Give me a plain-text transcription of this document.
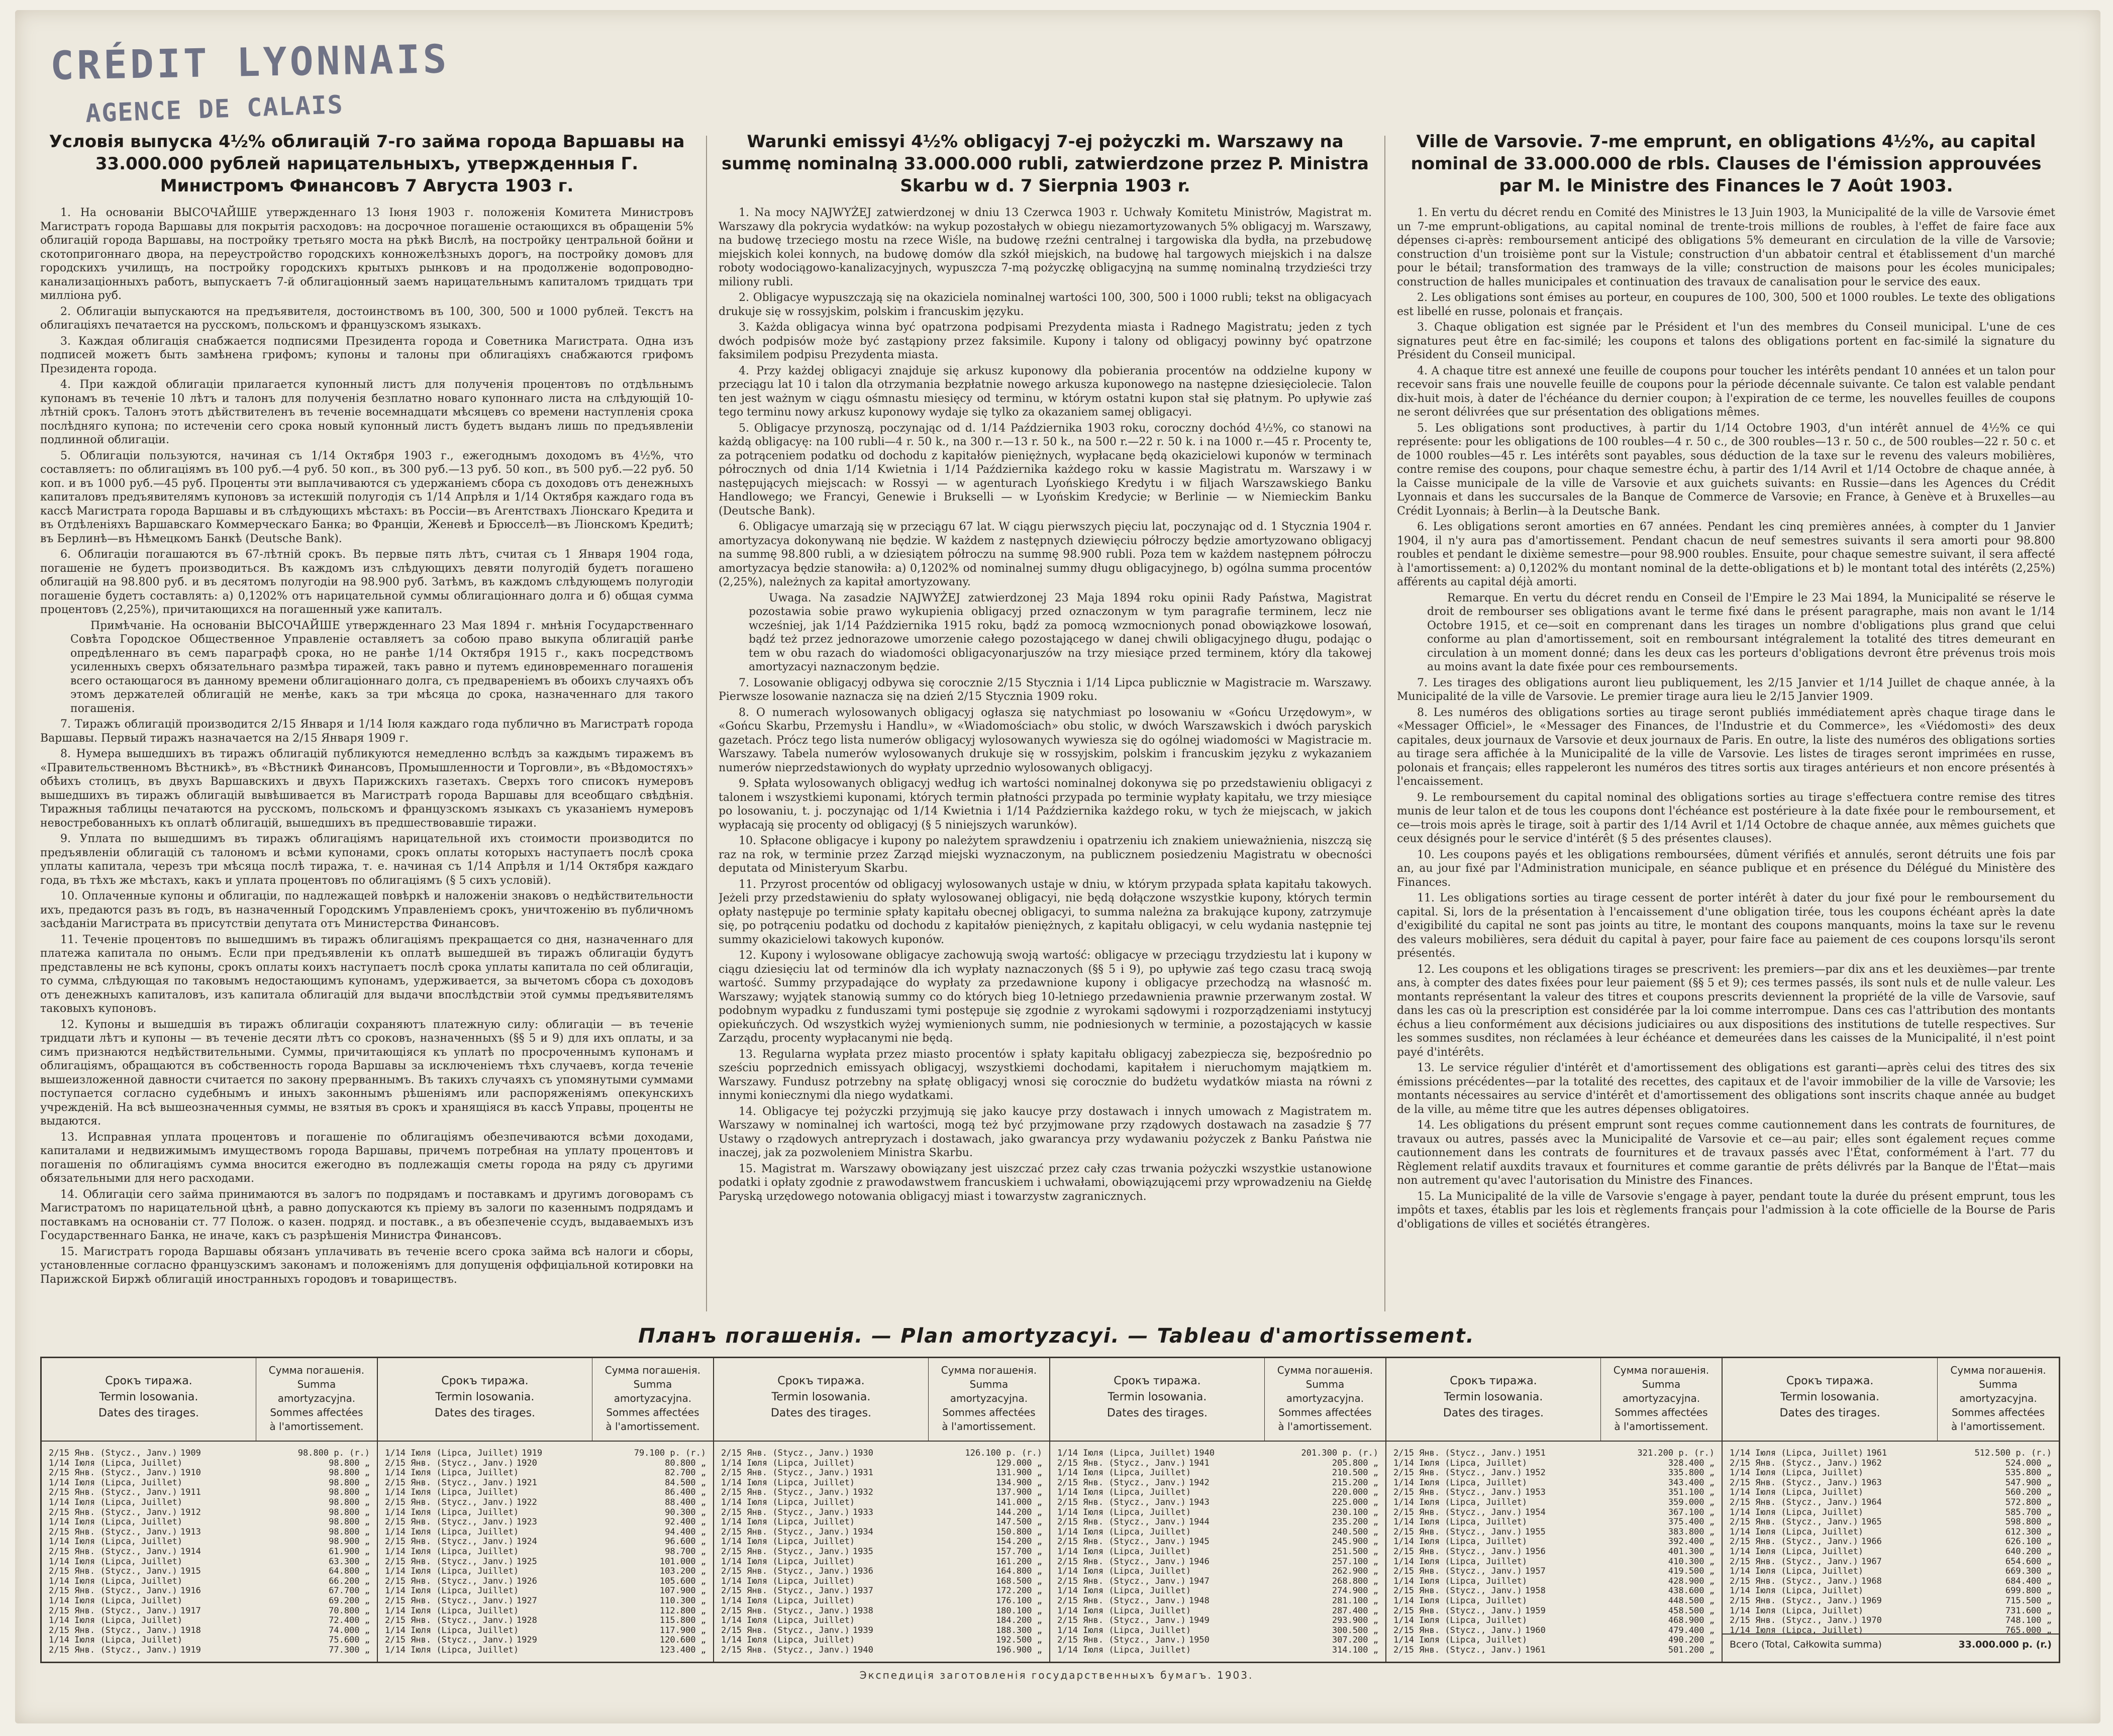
CRÉDIT LYONNAIS
AGENCE DE CALAIS
Условія выпуска 4½% облигацій 7-го займа города Варшавы на 33.000.000 рублей нарицательныхъ, утвержденныя Г. Министромъ Финансовъ 7 Августа 1903 г.

1. На основаніи ВЫСОЧАЙШЕ утвержденнаго 13 Іюня 1903 г. положенія Комитета Министровъ Магистратъ города Варшавы для покрытія расходовъ: на досрочное погашеніе остающихся въ обращеніи 5% облигацій города Варшавы, на постройку третьяго моста на рѣкѣ Вислѣ, на постройку центральной бойни и скотопригоннаго двора, на переустройство городскихъ конножелѣзныхъ дорогъ, на постройку домовъ для городскихъ училищъ, на постройку городскихъ крытыхъ рынковъ и на продолженіе водопроводно-канализаціонныхъ работъ, выпускаетъ 7-й облигаціонный заемъ нарицательнымъ капиталомъ тридцать три милліона руб.

2. Облигаціи выпускаются на предъявителя, достоинствомъ въ 100, 300, 500 и 1000 рублей. Текстъ на облигаціяхъ печатается на русскомъ, польскомъ и французскомъ языкахъ.

3. Каждая облигація снабжается подписями Президента города и Советника Магистрата. Одна изъ подписей можетъ быть замѣнена грифомъ; купоны и талоны при облигаціяхъ снабжаются грифомъ Президента города.

4. При каждой облигаціи прилагается купонный листъ для полученія процентовъ по отдѣльнымъ купонамъ въ теченіе 10 лѣтъ и талонъ для полученія безплатно новаго купоннаго листа на слѣдующій 10-лѣтній срокъ. Талонъ этотъ дѣйствителенъ въ теченіе восемнадцати мѣсяцевъ со времени наступленія срока послѣдняго купона; по истеченіи сего срока новый купонный листъ будетъ выданъ лишь по предъявленіи подлинной облигаціи.

5. Облигаціи пользуются, начиная съ 1/14 Октября 1903 г., ежегоднымъ доходомъ въ 4½%, что составляетъ: по облигаціямъ въ 100 руб.—4 руб. 50 коп., въ 300 руб.—13 руб. 50 коп., въ 500 руб.—22 руб. 50 коп. и въ 1000 руб.—45 руб. Проценты эти выплачиваются съ удержаніемъ сбора съ доходовъ отъ денежныхъ капиталовъ предъявителямъ купоновъ за истекшій полугодія съ 1/14 Апрѣля и 1/14 Октября каждаго года въ кассѣ Магистрата города Варшавы и въ слѣдующихъ мѣстахъ: въ Россіи—въ Агентствахъ Ліонскаго Кредита и въ Отдѣленіяхъ Варшавскаго Коммерческаго Банка; во Франціи, Женевѣ и Брюсселѣ—въ Ліонскомъ Кредитѣ; въ Берлинѣ—въ Нѣмецкомъ Банкѣ (Deutsche Bank).

6. Облигаціи погашаются въ 67-лѣтній срокъ. Въ первые пять лѣтъ, считая съ 1 Января 1904 года, погашеніе не будетъ производиться. Въ каждомъ изъ слѣдующихъ девяти полугодій будетъ погашено облигацій на 98.800 руб. и въ десятомъ полугодіи на 98.900 руб. Затѣмъ, въ каждомъ слѣдующемъ полугодіи погашеніе будетъ составлять: а) 0,1202% отъ нарицательной суммы облигаціоннаго долга и б) общая сумма процентовъ (2,25%), причитающихся на погашенный уже капиталъ.

Примѣчаніе. На основаніи ВЫСОЧАЙШЕ утвержденнаго 23 Мая 1894 г. мнѣнія Государственнаго Совѣта Городское Общественное Управленіе оставляетъ за собою право выкупа облигацій ранѣе опредѣленнаго въ семъ параграфѣ срока, но не ранѣе 1/14 Октября 1915 г., какъ посредствомъ усиленныхъ сверхъ обязательнаго размѣра тиражей, такъ равно и путемъ единовременнаго погашенія всего остающагося въ данному времени облигаціоннаго долга, съ предвареніемъ въ обоихъ случаяхъ объ этомъ держателей облигацій не менѣе, какъ за три мѣсяца до срока, назначеннаго для такого погашенія.

7. Тиражъ облигацій производится 2/15 Января и 1/14 Іюля каждаго года публично въ Магистратѣ города Варшавы. Первый тиражъ назначается на 2/15 Января 1909 г.

8. Нумера вышедшихъ въ тиражъ облигацій публикуются немедленно вслѣдъ за каждымъ тиражемъ въ «Правительственномъ Вѣстникѣ», въ «Вѣстникѣ Финансовъ, Промышленности и Торговли», въ «Вѣдомостяхъ» обѣихъ столицъ, въ двухъ Варшавскихъ и двухъ Парижскихъ газетахъ. Сверхъ того списокъ нумеровъ вышедшихъ въ тиражъ облигацій вывѣшивается въ Магистратѣ города Варшавы для всеобщаго свѣдѣнія. Тиражныя таблицы печатаются на русскомъ, польскомъ и французскомъ языкахъ съ указаніемъ нумеровъ невостребованныхъ къ оплатѣ облигацій, вышедшихъ въ предшествовавшіе тиражи.

9. Уплата по вышедшимъ въ тиражъ облигаціямъ нарицательной ихъ стоимости производится по предъявленіи облигацій съ талономъ и всѣми купонами, срокъ оплаты которыхъ наступаетъ послѣ срока уплаты капитала, черезъ три мѣсяца послѣ тиража, т. е. начиная съ 1/14 Апрѣля и 1/14 Октября каждаго года, въ тѣхъ же мѣстахъ, какъ и уплата процентовъ по облигаціямъ (§ 5 сихъ условій).

10. Оплаченные купоны и облигаціи, по надлежащей повѣркѣ и наложеніи знаковъ о недѣйствительности ихъ, предаются разъ въ годъ, въ назначенный Городскимъ Управленіемъ срокъ, уничтоженію въ публичномъ засѣданіи Магистрата въ присутствіи депутата отъ Министерства Финансовъ.

11. Теченіе процентовъ по вышедшимъ въ тиражъ облигаціямъ прекращается со дня, назначеннаго для платежа капитала по онымъ. Если при предъявленіи къ оплатѣ вышедшей въ тиражъ облигаціи будутъ представлены не всѣ купоны, срокъ оплаты коихъ наступаетъ послѣ срока уплаты капитала по сей облигаціи, то сумма, слѣдующая по таковымъ недостающимъ купонамъ, удерживается, за вычетомъ сбора съ доходовъ отъ денежныхъ капиталовъ, изъ капитала облигацій для выдачи впослѣдствіи этой суммы предъявителямъ таковыхъ купоновъ.

12. Купоны и вышедшія въ тиражъ облигаціи сохраняютъ платежную силу: облигаціи — въ теченіе тридцати лѣтъ и купоны — въ теченіе десяти лѣтъ со сроковъ, назначенныхъ (§§ 5 и 9) для ихъ оплаты, и за симъ признаются недѣйствительными. Суммы, причитающіяся къ уплатѣ по просроченнымъ купонамъ и облигаціямъ, обращаются въ собственность города Варшавы за исключеніемъ тѣхъ случаевъ, когда теченіе вышеизложенной давности считается по закону прерваннымъ. Въ такихъ случаяхъ съ упомянутыми суммами поступается согласно судебнымъ и иныхъ законнымъ рѣшеніямъ или распоряженіямъ опекунскихъ учрежденій. На всѣ вышеозначенныя суммы, не взятыя въ срокъ и хранящіяся въ кассѣ Управы, проценты не выдаются.

13. Исправная уплата процентовъ и погашеніе по облигаціямъ обезпечиваются всѣми доходами, капиталами и недвижимымъ имуществомъ города Варшавы, причемъ потребная на уплату процентовъ и погашенія по облигаціямъ сумма вносится ежегодно въ подлежащія сметы города на ряду съ другими обязательными для него расходами.

14. Облигаціи сего займа принимаются въ залогъ по подрядамъ и поставкамъ и другимъ договорамъ съ Магистратомъ по нарицательной цѣнѣ, а равно допускаются къ пріему въ залоги по казеннымъ подрядамъ и поставкамъ на основаніи ст. 77 Полож. о казен. подряд. и поставк., а въ обезпеченіе ссудъ, выдаваемыхъ изъ Государственнаго Банка, не иначе, какъ съ разрѣшенія Министра Финансовъ.

15. Магистратъ города Варшавы обязанъ уплачивать въ теченіе всего срока займа всѣ налоги и сборы, установленные согласно французскимъ законамъ и положеніямъ для допущенія оффиціальной котировки на Парижской Биржѣ облигацій иностранныхъ городовъ и товариществъ.

Warunki emissyi 4½% obligacyj 7-ej pożyczki m. Warszawy na summę nominalną 33.000.000 rubli, zatwierdzone przez P. Ministra Skarbu w d. 7 Sierpnia 1903 r.

1. Na mocy NAJWYŻEJ zatwierdzonej w dniu 13 Czerwca 1903 r. Uchwały Komitetu Ministrów, Magistrat m. Warszawy dla pokrycia wydatków: na wykup pozostałych w obiegu niezamortyzowanych 5% obligacyj m. Warszawy, na budowę trzeciego mostu na rzece Wiśle, na budowę rzeźni centralnej i targowiska dla bydła, na przebudowę miejskich kolei konnych, na budowę domów dla szkół miejskich, na budowę hal targowych miejskich i na dalsze roboty wodociągowo-kanalizacyjnych, wypuszcza 7-mą pożyczkę obligacyjną na summę nominalną trzydzieści trzy miliony rubli.

2. Obligacye wypuszczają się na okaziciela nominalnej wartości 100, 300, 500 i 1000 rubli; tekst na obligacyach drukuje się w rossyjskim, polskim i francuskim języku.

3. Każda obligacya winna być opatrzona podpisami Prezydenta miasta i Radnego Magistratu; jeden z tych dwóch podpisów może być zastąpiony przez faksimile. Kupony i talony od obligacyj powinny być opatrzone faksimilem podpisu Prezydenta miasta.

4. Przy każdej obligacyi znajduje się arkusz kuponowy dla pobierania procentów na oddzielne kupony w przeciągu lat 10 i talon dla otrzymania bezpłatnie nowego arkusza kuponowego na następne dziesięciolecie. Talon ten jest ważnym w ciągu ośmnastu miesięcy od terminu, w którym ostatni kupon stał się płatnym. Po upływie zaś tego terminu nowy arkusz kuponowy wydaje się tylko za okazaniem samej obligacyi.

5. Obligacye przynoszą, poczynając od d. 1/14 Października 1903 roku, coroczny dochód 4½%, co stanowi na każdą obligacyę: na 100 rubli—4 r. 50 k., na 300 r.—13 r. 50 k., na 500 r.—22 r. 50 k. i na 1000 r.—45 r. Procenty te, za potrąceniem podatku od dochodu z kapitałów pieniężnych, wypłacane będą okazicielowi kuponów w terminach półrocznych od dnia 1/14 Kwietnia i 1/14 Października każdego roku w kassie Magistratu m. Warszawy i w następujących miejscach: w Rossyi — w agenturach Lyońskiego Kredytu i w filjach Warszawskiego Banku Handlowego; we Francyi, Genewie i Brukselli — w Lyońskim Kredycie; w Berlinie — w Niemieckim Banku (Deutsche Bank).

6. Obligacye umarzają się w przeciągu 67 lat. W ciągu pierwszych pięciu lat, poczynając od d. 1 Stycznia 1904 r. amortyzacya dokonywaną nie będzie. W każdem z następnych dziewięciu półroczy będzie amortyzowano obligacyj na summę 98.800 rubli, a w dziesiątem półroczu na summę 98.900 rubli. Poza tem w każdem następnem półroczu amortyzacya będzie stanowiła: a) 0,1202% od nominalnej summy długu obligacyjnego, b) ogólna summa procentów (2,25%), należnych za kapitał amortyzowany.

Uwaga. Na zasadzie NAJWYŻEJ zatwierdzonej 23 Maja 1894 roku opinii Rady Państwa, Magistrat pozostawia sobie prawo wykupienia obligacyj przed oznaczonym w tym paragrafie terminem, lecz nie wcześniej, jak 1/14 Października 1915 roku, bądź za pomocą wzmocnionych ponad obowiązkowe losowań, bądź też przez jednorazowe umorzenie całego pozostającego w danej chwili obligacyjnego długu, podając o tem w obu razach do wiadomości obligacyonarjuszów na trzy miesiące przed terminem, który dla takowej amortyzacyi naznaczonym będzie.

7. Losowanie obligacyj odbywa się corocznie 2/15 Stycznia i 1/14 Lipca publicznie w Magistracie m. Warszawy. Pierwsze losowanie naznacza się na dzień 2/15 Stycznia 1909 roku.

8. O numerach wylosowanych obligacyj ogłasza się natychmiast po losowaniu w «Gońcu Urzędowym», w «Gońcu Skarbu, Przemysłu i Handlu», w «Wiadomościach» obu stolic, w dwóch Warszawskich i dwóch paryskich gazetach. Prócz tego lista numerów obligacyj wylosowanych wywiesza się do ogólnej wiadomości w Magistracie m. Warszawy. Tabela numerów wylosowanych drukuje się w rossyjskim, polskim i francuskim języku z wykazaniem numerów nieprzedstawionych do wypłaty uprzednio wylosowanych obligacyj.

9. Spłata wylosowanych obligacyj według ich wartości nominalnej dokonywa się po przedstawieniu obligacyi z talonem i wszystkiemi kuponami, których termin płatności przypada po terminie wypłaty kapitału, we trzy miesiące po losowaniu, t. j. poczynając od 1/14 Kwietnia i 1/14 Października każdego roku, w tych że miejscach, w jakich wypłacają się procenty od obligacyj (§ 5 niniejszych warunków).

10. Spłacone obligacye i kupony po należytem sprawdzeniu i opatrzeniu ich znakiem unieważnienia, niszczą się raz na rok, w terminie przez Zarząd miejski wyznaczonym, na publicznem posiedzeniu Magistratu w obecności deputata od Ministeryum Skarbu.

11. Przyrost procentów od obligacyj wylosowanych ustaje w dniu, w którym przypada spłata kapitału takowych. Jeżeli przy przedstawieniu do spłaty wylosowanej obligacyi, nie będą dołączone wszystkie kupony, których termin opłaty następuje po terminie spłaty kapitału obecnej obligacyi, to summa należna za brakujące kupony, zatrzymuje się, po potrąceniu podatku od dochodu z kapitałów pieniężnych, z kapitału obligacyi, w celu wydania następnie tej summy okazicielowi takowych kuponów.

12. Kupony i wylosowane obligacye zachowują swoją wartość: obligacye w przeciągu trzydziestu lat i kupony w ciągu dziesięciu lat od terminów dla ich wypłaty naznaczonych (§§ 5 i 9), po upływie zaś tego czasu tracą swoją wartość. Summy przypadające do wypłaty za przedawnione kupony i obligacye przechodzą na własność m. Warszawy; wyjątek stanowią summy co do których bieg 10-letniego przedawnienia prawnie przerwanym został. W podobnym wypadku z funduszami tymi postępuje się zgodnie z wyrokami sądowymi i rozporządzeniami instytucyj opiekuńczych. Od wszystkich wyżej wymienionych summ, nie podniesionych w terminie, a pozostających w kassie Zarządu, procenty wypłacanymi nie będą.

13. Regularna wypłata przez miasto procentów i spłaty kapitału obligacyj zabezpiecza się, bezpośrednio po sześciu poprzednich emissyach obligacyj, wszystkiemi dochodami, kapitałem i nieruchomym majątkiem m. Warszawy. Fundusz potrzebny na spłatę obligacyj wnosi się corocznie do budżetu wydatków miasta na równi z innymi koniecznymi dla niego wydatkami.

14. Obligacye tej pożyczki przyjmują się jako kaucye przy dostawach i innych umowach z Magistratem m. Warszawy w nominalnej ich wartości, mogą też być przyjmowane przy rządowych dostawach na zasadzie § 77 Ustawy o rządowych antrepryzach i dostawach, jako gwarancya przy wydawaniu pożyczek z Banku Państwa nie inaczej, jak za pozwoleniem Ministra Skarbu.

15. Magistrat m. Warszawy obowiązany jest uiszczać przez cały czas trwania pożyczki wszystkie ustanowione podatki i opłaty zgodnie z prawodawstwem francuskiem i uchwałami, obowiązującemi przy wprowadzeniu na Giełdę Paryską urzędowego notowania obligacyj miast i towarzystw zagranicznych.

Ville de Varsovie. 7-me emprunt, en obligations 4½%, au capital nominal de 33.000.000 de rbls. Clauses de l'émission approuvées par M. le Ministre des Finances le 7 Août 1903.

1. En vertu du décret rendu en Comité des Ministres le 13 Juin 1903, la Municipalité de la ville de Varsovie émet un 7-me emprunt-obligations, au capital nominal de trente-trois millions de roubles, à l'effet de faire face aux dépenses ci-après: remboursement anticipé des obligations 5% demeurant en circulation de la ville de Varsovie; construction d'un troisième pont sur la Vistule; construction d'un abbatoir central et établissement d'un marché pour le bétail; transformation des tramways de la ville; construction de maisons pour les écoles municipales; construction de halles municipales et continuation des travaux de canalisation pour le service des eaux.

2. Les obligations sont émises au porteur, en coupures de 100, 300, 500 et 1000 roubles. Le texte des obligations est libellé en russe, polonais et français.

3. Chaque obligation est signée par le Président et l'un des membres du Conseil municipal. L'une de ces signatures peut être en fac-similé; les coupons et talons des obligations portent en fac-similé la signature du Président du Conseil municipal.

4. A chaque titre est annexé une feuille de coupons pour toucher les intérêts pendant 10 années et un talon pour recevoir sans frais une nouvelle feuille de coupons pour la période décennale suivante. Ce talon est valable pendant dix-huit mois, à dater de l'échéance du dernier coupon; à l'expiration de ce terme, les nouvelles feuilles de coupons ne seront délivrées que sur présentation des obligations mêmes.

5. Les obligations sont productives, à partir du 1/14 Octobre 1903, d'un intérêt annuel de 4½% ce qui représente: pour les obligations de 100 roubles—4 r. 50 c., de 300 roubles—13 r. 50 c., de 500 roubles—22 r. 50 c. et de 1000 roubles—45 r. Les intérêts sont payables, sous déduction de la taxe sur le revenu des valeurs mobilières, contre remise des coupons, pour chaque semestre échu, à partir des 1/14 Avril et 1/14 Octobre de chaque année, à la Caisse municipale de la ville de Varsovie et aux guichets suivants: en Russie—dans les Agences du Crédit Lyonnais et dans les succursales de la Banque de Commerce de Varsovie; en France, à Genève et à Bruxelles—au Crédit Lyonnais; à Berlin—à la Deutsche Bank.

6. Les obligations seront amorties en 67 années. Pendant les cinq premières années, à compter du 1 Janvier 1904, il n'y aura pas d'amortissement. Pendant chacun de neuf semestres suivants il sera amorti pour 98.800 roubles et pendant le dixième semestre—pour 98.900 roubles. Ensuite, pour chaque semestre suivant, il sera affecté à l'amortissement: a) 0,1202% du montant nominal de la dette-obligations et b) le montant total des intérêts (2,25%) afférents au capital déjà amorti.

Remarque. En vertu du décret rendu en Conseil de l'Empire le 23 Mai 1894, la Municipalité se réserve le droit de rembourser ses obligations avant le terme fixé dans le présent paragraphe, mais non avant le 1/14 Octobre 1915, et ce—soit en comprenant dans les tirages un nombre d'obligations plus grand que celui conforme au plan d'amortissement, soit en remboursant intégralement la totalité des titres demeurant en circulation à un moment donné; dans les deux cas les porteurs d'obligations devront être prévenus trois mois au moins avant la date fixée pour ces remboursements.

7. Les tirages des obligations auront lieu publiquement, les 2/15 Janvier et 1/14 Juillet de chaque année, à la Municipalité de la ville de Varsovie. Le premier tirage aura lieu le 2/15 Janvier 1909.

8. Les numéros des obligations sorties au tirage seront publiés immédiatement après chaque tirage dans le «Messager Officiel», le «Messager des Finances, de l'Industrie et du Commerce», les «Viédomosti» des deux capitales, deux journaux de Varsovie et deux journaux de Paris. En outre, la liste des numéros des obligations sorties au tirage sera affichée à la Municipalité de la ville de Varsovie. Les listes de tirages seront imprimées en russe, polonais et français; elles rappeleront les numéros des titres sortis aux tirages antérieurs et non encore présentés à l'encaissement.

9. Le remboursement du capital nominal des obligations sorties au tirage s'effectuera contre remise des titres munis de leur talon et de tous les coupons dont l'échéance est postérieure à la date fixée pour le remboursement, et ce—trois mois après le tirage, soit à partir des 1/14 Avril et 1/14 Octobre de chaque année, aux mêmes guichets que ceux désignés pour le service d'intérêt (§ 5 des présentes clauses).

10. Les coupons payés et les obligations remboursées, dûment vérifiés et annulés, seront détruits une fois par an, au jour fixé par l'Administration municipale, en séance publique et en présence du Délégué du Ministère des Finances.

11. Les obligations sorties au tirage cessent de porter intérêt à dater du jour fixé pour le remboursement du capital. Si, lors de la présentation à l'encaissement d'une obligation tirée, tous les coupons échéant après la date d'exigibilité du capital ne sont pas joints au titre, le montant des coupons manquants, moins la taxe sur le revenu des valeurs mobilières, sera déduit du capital à payer, pour faire face au paiement de ces coupons lorsqu'ils seront présentés.

12. Les coupons et les obligations tirages se prescrivent: les premiers—par dix ans et les deuxièmes—par trente ans, à compter des dates fixées pour leur paiement (§§ 5 et 9); ces termes passés, ils sont nuls et de nulle valeur. Les montants représentant la valeur des titres et coupons prescrits deviennent la propriété de la ville de Varsovie, sauf dans les cas où la prescription est considérée par la loi comme interrompue. Dans ces cas l'attribution des montants échus a lieu conformément aux décisions judiciaires ou aux dispositions des institutions de tutelle respectives. Sur les sommes susdites, non réclamées à leur échéance et demeurées dans les caisses de la Municipalité, il n'est point payé d'intérêts.

13. Le service régulier d'intérêt et d'amortissement des obligations est garanti—après celui des titres des six émissions précédentes—par la totalité des recettes, des capitaux et de l'avoir immobilier de la ville de Varsovie; les montants nécessaires au service d'intérêt et d'amortissement des obligations sont inscrits chaque année au budget de la ville, au même titre que les autres dépenses obligatoires.

14. Les obligations du présent emprunt sont reçues comme cautionnement dans les contrats de fournitures, de travaux ou autres, passés avec la Municipalité de Varsovie et ce—au pair; elles sont également reçues comme cautionnement dans les contrats de fournitures et de travaux passés avec l'État, conformément à l'art. 77 du Règlement relatif auxdits travaux et fournitures et comme garantie de prêts délivrés par la Banque de l'État—mais non autrement qu'avec l'autorisation du Ministre des Finances.

15. La Municipalité de la ville de Varsovie s'engage à payer, pendant toute la durée du présent emprunt, tous les impôts et taxes, établis par les lois et règlements français pour l'admission à la cote officielle de la Bourse de Paris d'obligations de villes et sociétés étrangères.

Планъ погашенія. — Plan amortyzacyi. — Tableau d'amortissement.
Срокъ тиража.
Termin losowania.
Dates des tirages.
Сумма погашенія.
Summa
amortyzacyjna.
Sommes affectées
à l'amortissement.
2/15 Янв. (Stycz., Janv.) 1909	98.800 р. (r.)
1/14 Іюля (Lipca, Juillet)	98.800 „
2/15 Янв. (Stycz., Janv.) 1910	98.800 „
1/14 Іюля (Lipca, Juillet)	98.800 „
2/15 Янв. (Stycz., Janv.) 1911	98.800 „
1/14 Іюля (Lipca, Juillet)	98.800 „
2/15 Янв. (Stycz., Janv.) 1912	98.800 „
1/14 Іюля (Lipca, Juillet)	98.800 „
2/15 Янв. (Stycz., Janv.) 1913	98.800 „
1/14 Іюля (Lipca, Juillet)	98.900 „
2/15 Янв. (Stycz., Janv.) 1914	61.900 „
1/14 Іюля (Lipca, Juillet)	63.300 „
2/15 Янв. (Stycz., Janv.) 1915	64.800 „
1/14 Іюля (Lipca, Juillet)	66.200 „
2/15 Янв. (Stycz., Janv.) 1916	67.700 „
1/14 Іюля (Lipca, Juillet)	69.200 „
2/15 Янв. (Stycz., Janv.) 1917	70.800 „
1/14 Іюля (Lipca, Juillet)	72.400 „
2/15 Янв. (Stycz., Janv.) 1918	74.000 „
1/14 Іюля (Lipca, Juillet)	75.600 „
2/15 Янв. (Stycz., Janv.) 1919	77.300 „
Срокъ тиража.
Termin losowania.
Dates des tirages.
Сумма погашенія.
Summa
amortyzacyjna.
Sommes affectées
à l'amortissement.
1/14 Іюля (Lipca, Juillet) 1919	79.100 р. (r.)
2/15 Янв. (Stycz., Janv.) 1920	80.800 „
1/14 Іюля (Lipca, Juillet)	82.700 „
2/15 Янв. (Stycz., Janv.) 1921	84.500 „
1/14 Іюля (Lipca, Juillet)	86.400 „
2/15 Янв. (Stycz., Janv.) 1922	88.400 „
1/14 Іюля (Lipca, Juillet)	90.300 „
2/15 Янв. (Stycz., Janv.) 1923	92.400 „
1/14 Іюля (Lipca, Juillet)	94.400 „
2/15 Янв. (Stycz., Janv.) 1924	96.600 „
1/14 Іюля (Lipca, Juillet)	98.700 „
2/15 Янв. (Stycz., Janv.) 1925	101.000 „
1/14 Іюля (Lipca, Juillet)	103.200 „
2/15 Янв. (Stycz., Janv.) 1926	105.600 „
1/14 Іюля (Lipca, Juillet)	107.900 „
2/15 Янв. (Stycz., Janv.) 1927	110.300 „
1/14 Іюля (Lipca, Juillet)	112.800 „
2/15 Янв. (Stycz., Janv.) 1928	115.800 „
1/14 Іюля (Lipca, Juillet)	117.900 „
2/15 Янв. (Stycz., Janv.) 1929	120.600 „
1/14 Іюля (Lipca, Juillet)	123.400 „
Срокъ тиража.
Termin losowania.
Dates des tirages.
Сумма погашенія.
Summa
amortyzacyjna.
Sommes affectées
à l'amortissement.
2/15 Янв. (Stycz., Janv.) 1930	126.100 р. (r.)
1/14 Іюля (Lipca, Juillet)	129.000 „
2/15 Янв. (Stycz., Janv.) 1931	131.900 „
1/14 Іюля (Lipca, Juillet)	134.900 „
2/15 Янв. (Stycz., Janv.) 1932	137.900 „
1/14 Іюля (Lipca, Juillet)	141.000 „
2/15 Янв. (Stycz., Janv.) 1933	144.200 „
1/14 Іюля (Lipca, Juillet)	147.500 „
2/15 Янв. (Stycz., Janv.) 1934	150.800 „
1/14 Іюля (Lipca, Juillet)	154.200 „
2/15 Янв. (Stycz., Janv.) 1935	157.700 „
1/14 Іюля (Lipca, Juillet)	161.200 „
2/15 Янв. (Stycz., Janv.) 1936	164.800 „
1/14 Іюля (Lipca, Juillet)	168.500 „
2/15 Янв. (Stycz., Janv.) 1937	172.200 „
1/14 Іюля (Lipca, Juillet)	176.100 „
2/15 Янв. (Stycz., Janv.) 1938	180.100 „
1/14 Іюля (Lipca, Juillet)	184.200 „
2/15 Янв. (Stycz., Janv.) 1939	188.300 „
1/14 Іюля (Lipca, Juillet)	192.500 „
2/15 Янв. (Stycz., Janv.) 1940	196.900 „
Срокъ тиража.
Termin losowania.
Dates des tirages.
Сумма погашенія.
Summa
amortyzacyjna.
Sommes affectées
à l'amortissement.
1/14 Іюля (Lipca, Juillet) 1940	201.300 р. (r.)
2/15 Янв. (Stycz., Janv.) 1941	205.800 „
1/14 Іюля (Lipca, Juillet)	210.500 „
2/15 Янв. (Stycz., Janv.) 1942	215.200 „
1/14 Іюля (Lipca, Juillet)	220.000 „
2/15 Янв. (Stycz., Janv.) 1943	225.000 „
1/14 Іюля (Lipca, Juillet)	230.100 „
2/15 Янв. (Stycz., Janv.) 1944	235.200 „
1/14 Іюля (Lipca, Juillet)	240.500 „
2/15 Янв. (Stycz., Janv.) 1945	245.900 „
1/14 Іюля (Lipca, Juillet)	251.500 „
2/15 Янв. (Stycz., Janv.) 1946	257.100 „
1/14 Іюля (Lipca, Juillet)	262.900 „
2/15 Янв. (Stycz., Janv.) 1947	268.800 „
1/14 Іюля (Lipca, Juillet)	274.900 „
2/15 Янв. (Stycz., Janv.) 1948	281.100 „
1/14 Іюля (Lipca, Juillet)	287.400 „
2/15 Янв. (Stycz., Janv.) 1949	293.900 „
1/14 Іюля (Lipca, Juillet)	300.500 „
2/15 Янв. (Stycz., Janv.) 1950	307.200 „
1/14 Іюля (Lipca, Juillet)	314.100 „
Срокъ тиража.
Termin losowania.
Dates des tirages.
Сумма погашенія.
Summa
amortyzacyjna.
Sommes affectées
à l'amortissement.
2/15 Янв. (Stycz., Janv.) 1951	321.200 р. (r.)
1/14 Іюля (Lipca, Juillet)	328.400 „
2/15 Янв. (Stycz., Janv.) 1952	335.800 „
1/14 Іюля (Lipca, Juillet)	343.400 „
2/15 Янв. (Stycz., Janv.) 1953	351.100 „
1/14 Іюля (Lipca, Juillet)	359.000 „
2/15 Янв. (Stycz., Janv.) 1954	367.100 „
1/14 Іюля (Lipca, Juillet)	375.400 „
2/15 Янв. (Stycz., Janv.) 1955	383.800 „
1/14 Іюля (Lipca, Juillet)	392.400 „
2/15 Янв. (Stycz., Janv.) 1956	401.300 „
1/14 Іюля (Lipca, Juillet)	410.300 „
2/15 Янв. (Stycz., Janv.) 1957	419.500 „
1/14 Іюля (Lipca, Juillet)	428.900 „
2/15 Янв. (Stycz., Janv.) 1958	438.600 „
1/14 Іюля (Lipca, Juillet)	448.500 „
2/15 Янв. (Stycz., Janv.) 1959	458.500 „
1/14 Іюля (Lipca, Juillet)	468.900 „
2/15 Янв. (Stycz., Janv.) 1960	479.400 „
1/14 Іюля (Lipca, Juillet)	490.200 „
2/15 Янв. (Stycz., Janv.) 1961	501.200 „
Срокъ тиража.
Termin losowania.
Dates des tirages.
Сумма погашенія.
Summa
amortyzacyjna.
Sommes affectées
à l'amortissement.
1/14 Іюля (Lipca, Juillet) 1961	512.500 р. (r.)
2/15 Янв. (Stycz., Janv.) 1962	524.000 „
1/14 Іюля (Lipca, Juillet)	535.800 „
2/15 Янв. (Stycz., Janv.) 1963	547.900 „
1/14 Іюля (Lipca, Juillet)	560.200 „
2/15 Янв. (Stycz., Janv.) 1964	572.800 „
1/14 Іюля (Lipca, Juillet)	585.700 „
2/15 Янв. (Stycz., Janv.) 1965	598.800 „
1/14 Іюля (Lipca, Juillet)	612.300 „
2/15 Янв. (Stycz., Janv.) 1966	626.100 „
1/14 Іюля (Lipca, Juillet)	640.200 „
2/15 Янв. (Stycz., Janv.) 1967	654.600 „
1/14 Іюля (Lipca, Juillet)	669.300 „
2/15 Янв. (Stycz., Janv.) 1968	684.400 „
1/14 Іюля (Lipca, Juillet)	699.800 „
2/15 Янв. (Stycz., Janv.) 1969	715.500 „
1/14 Іюля (Lipca, Juillet)	731.600 „
2/15 Янв. (Stycz., Janv.) 1970	748.100 „
1/14 Іюля (Lipca, Juillet)	765.000 „
Всего (Total, Całkowita summa)	33.000.000 р. (r.)
Экспедиція заготовленія государственныхъ бумагъ. 1903.
